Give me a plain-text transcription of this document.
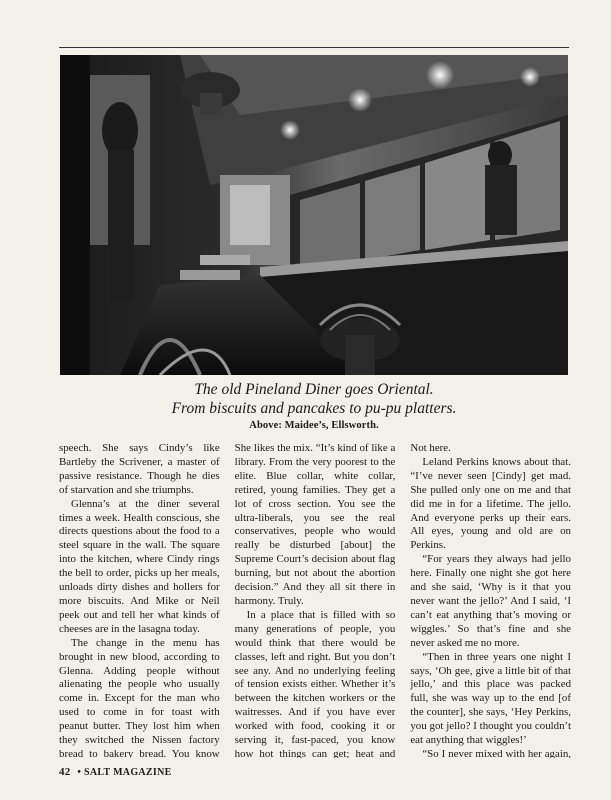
The old Pineland Diner goes Oriental.
From biscuits and pancakes to pu-pu platters.
Above: Maidee’s, Ellsworth.

speech. She says Cindy’s like Bartleby the Scrivener, a master of passive resistance. Though he dies of starvation and she triumphs.

Glenna’s at the diner several times a week. Health conscious, she directs questions about the food to a steel square in the wall. The square into the kitchen, where Cindy rings the bell to order, picks up her meals, unloads dirty dishes and hollers for more biscuits. And Mike or Neil peek out and tell her what kinds of cheeses are in the lasagna today.

The change in the menu has brought in new blood, according to Glenna. Adding people without alienating the people who usually come in. Except for the man who used to come in for toast with peanut butter. They lost him when they switched the Nissen factory bread to bakery bread. You know

She likes the mix. “It’s kind of like a library. From the very poorest to the elite. Blue collar, white collar, retired, young families. They get a lot of cross section. You see the ultra-liberals, you see the real conservatives, people who would really be disturbed [about] the Supreme Court’s decision about flag burning, but not about the abortion decision.” And they all sit there in harmony. Truly.

In a place that is filled with so many generations of people, you would think that there would be classes, left and right. But you don’t see any. And no underlying feeling of tension exists either. Whether it’s between the kitchen workers or the waitresses. And if you have ever worked with food, cooking it or serving it, fast-paced, you know how hot things can get; heat and

Not here.

Leland Perkins knows about that. “I’ve never seen [Cindy] get mad. She pulled only one on me and that did me in for a lifetime. The jello. And everyone perks up their ears. All eyes, young and old are on Perkins.

“For years they always had jello here. Finally one night she got here and she said, ‘Why is it that you never want the jello?’ And I said, ‘I can’t eat anything that’s moving or wiggles.’ So that’s fine and she never asked me no more.

“Then in three years one night I says, ‘Oh gee, give a little bit of that jello,’ and this place was packed full, she was way up to the end [of the counter], she says, ‘Hey Perkins, you got jello? I thought you couldn’t eat anything that wiggles!’

“So I never mixed with her again,

42 • SALT MAGAZINE
